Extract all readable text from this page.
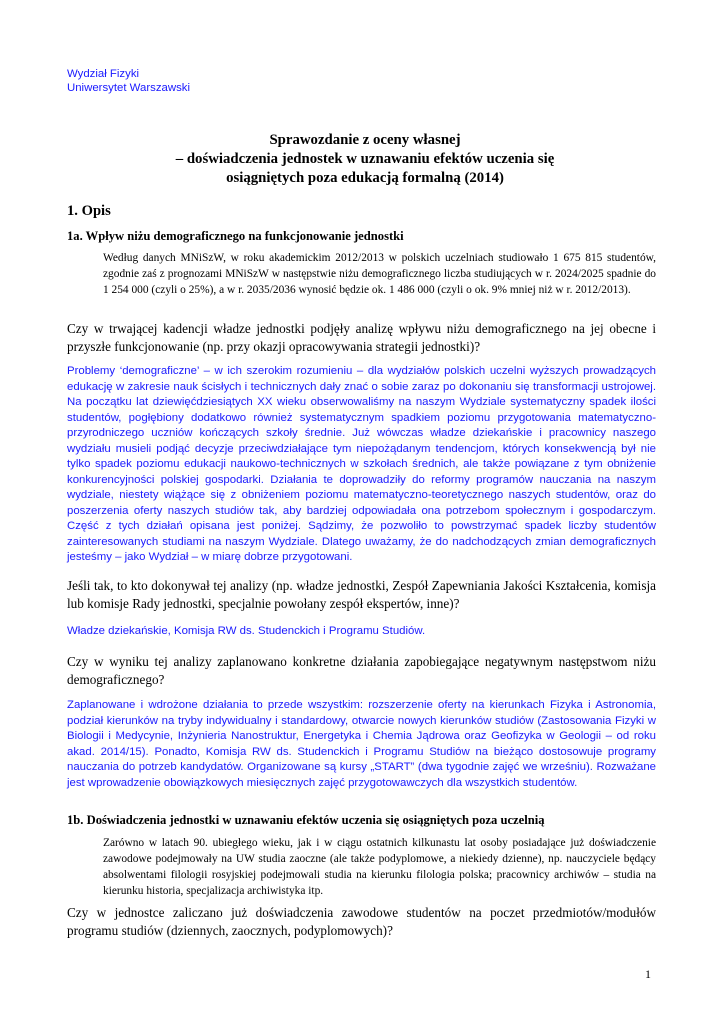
Wydział Fizyki
Uniwersytet Warszawski
Sprawozdanie z oceny własnej
– doświadczenia jednostek w uznawaniu efektów uczenia się
osiągniętych poza edukacją formalną (2014)
1. Opis
1a. Wpływ niżu demograficznego na funkcjonowanie jednostki
Według danych MNiSzW, w roku akademickim 2012/2013 w polskich uczelniach studiowało 1 675 815 studentów, zgodnie zaś z prognozami MNiSzW w następstwie niżu demograficznego liczba studiujących w r. 2024/2025 spadnie do 1 254 000 (czyli o 25%), a w r. 2035/2036 wynosić będzie ok. 1 486 000 (czyli o ok. 9% mniej niż w r. 2012/2013).
Czy w trwającej kadencji władze jednostki podjęły analizę wpływu niżu demograficznego na jej obecne i przyszłe funkcjonowanie (np. przy okazji opracowywania strategii jednostki)?
Problemy ‘demograficzne’ – w ich szerokim rozumieniu – dla wydziałów polskich uczelni wyższych prowadzących edukację w zakresie nauk ścisłych i technicznych dały znać o sobie zaraz po dokonaniu się transformacji ustrojowej. Na początku lat dziewięćdziesiątych XX wieku obserwowaliśmy na naszym Wydziale systematyczny spadek ilości studentów, pogłębiony dodatkowo również systematycznym spadkiem poziomu przygotowania matematyczno-przyrodniczego uczniów kończących szkoły średnie. Już wówczas władze dziekańskie i pracownicy naszego wydziału musieli podjąć decyzje przeciwdziałające tym niepożądanym tendencjom, których konsekwencją był nie tylko spadek poziomu edukacji naukowo-technicznych w szkołach średnich, ale także powiązane z tym obniżenie konkurencyjności polskiej gospodarki. Działania te doprowadziły do reformy programów nauczania na naszym wydziale, niestety wiążące się z obniżeniem poziomu matematyczno-teoretycznego naszych studentów, oraz do poszerzenia oferty naszych studiów tak, aby bardziej odpowiadała ona potrzebom społecznym i gospodarczym. Część z tych działań opisana jest poniżej. Sądzimy, że pozwoliło to powstrzymać spadek liczby studentów zainteresowanych studiami na naszym Wydziale. Dlatego uważamy, że do nadchodzących zmian demograficznych jesteśmy – jako Wydział – w miarę dobrze przygotowani.
Jeśli tak, to kto dokonywał tej analizy (np. władze jednostki, Zespół Zapewniania Jakości Kształcenia, komisja lub komisje Rady jednostki, specjalnie powołany zespół ekspertów, inne)?
Władze dziekańskie, Komisja RW ds. Studenckich i Programu Studiów.
Czy w wyniku tej analizy zaplanowano konkretne działania zapobiegające negatywnym następstwom niżu demograficznego?
Zaplanowane i wdrożone działania to przede wszystkim: rozszerzenie oferty na kierunkach Fizyka i Astronomia, podział kierunków na tryby indywidualny i standardowy, otwarcie nowych kierunków studiów (Zastosowania Fizyki w Biologii i Medycynie, Inżynieria Nanostruktur, Energetyka i Chemia Jądrowa oraz Geofizyka w Geologii – od roku akad. 2014/15). Ponadto, Komisja RW ds. Studenckich i Programu Studiów na bieżąco dostosowuje programy nauczania do potrzeb kandydatów. Organizowane są kursy „START” (dwa tygodnie zajęć we wrześniu). Rozważane jest wprowadzenie obowiązkowych miesięcznych zajęć przygotowawczych dla wszystkich studentów.
1b. Doświadczenia jednostki w uznawaniu efektów uczenia się osiągniętych poza uczelnią
Zarówno w latach 90. ubiegłego wieku, jak i w ciągu ostatnich kilkunastu lat osoby posiadające już doświadczenie zawodowe podejmowały na UW studia zaoczne (ale także podyplomowe, a niekiedy dzienne), np. nauczyciele będący absolwentami filologii rosyjskiej podejmowali studia na kierunku filologia polska; pracownicy archiwów – studia na kierunku historia, specjalizacja archiwistyka itp.
Czy w jednostce zaliczano już doświadczenia zawodowe studentów na poczet przedmiotów/modułów programu studiów (dziennych, zaocznych, podyplomowych)?
1
